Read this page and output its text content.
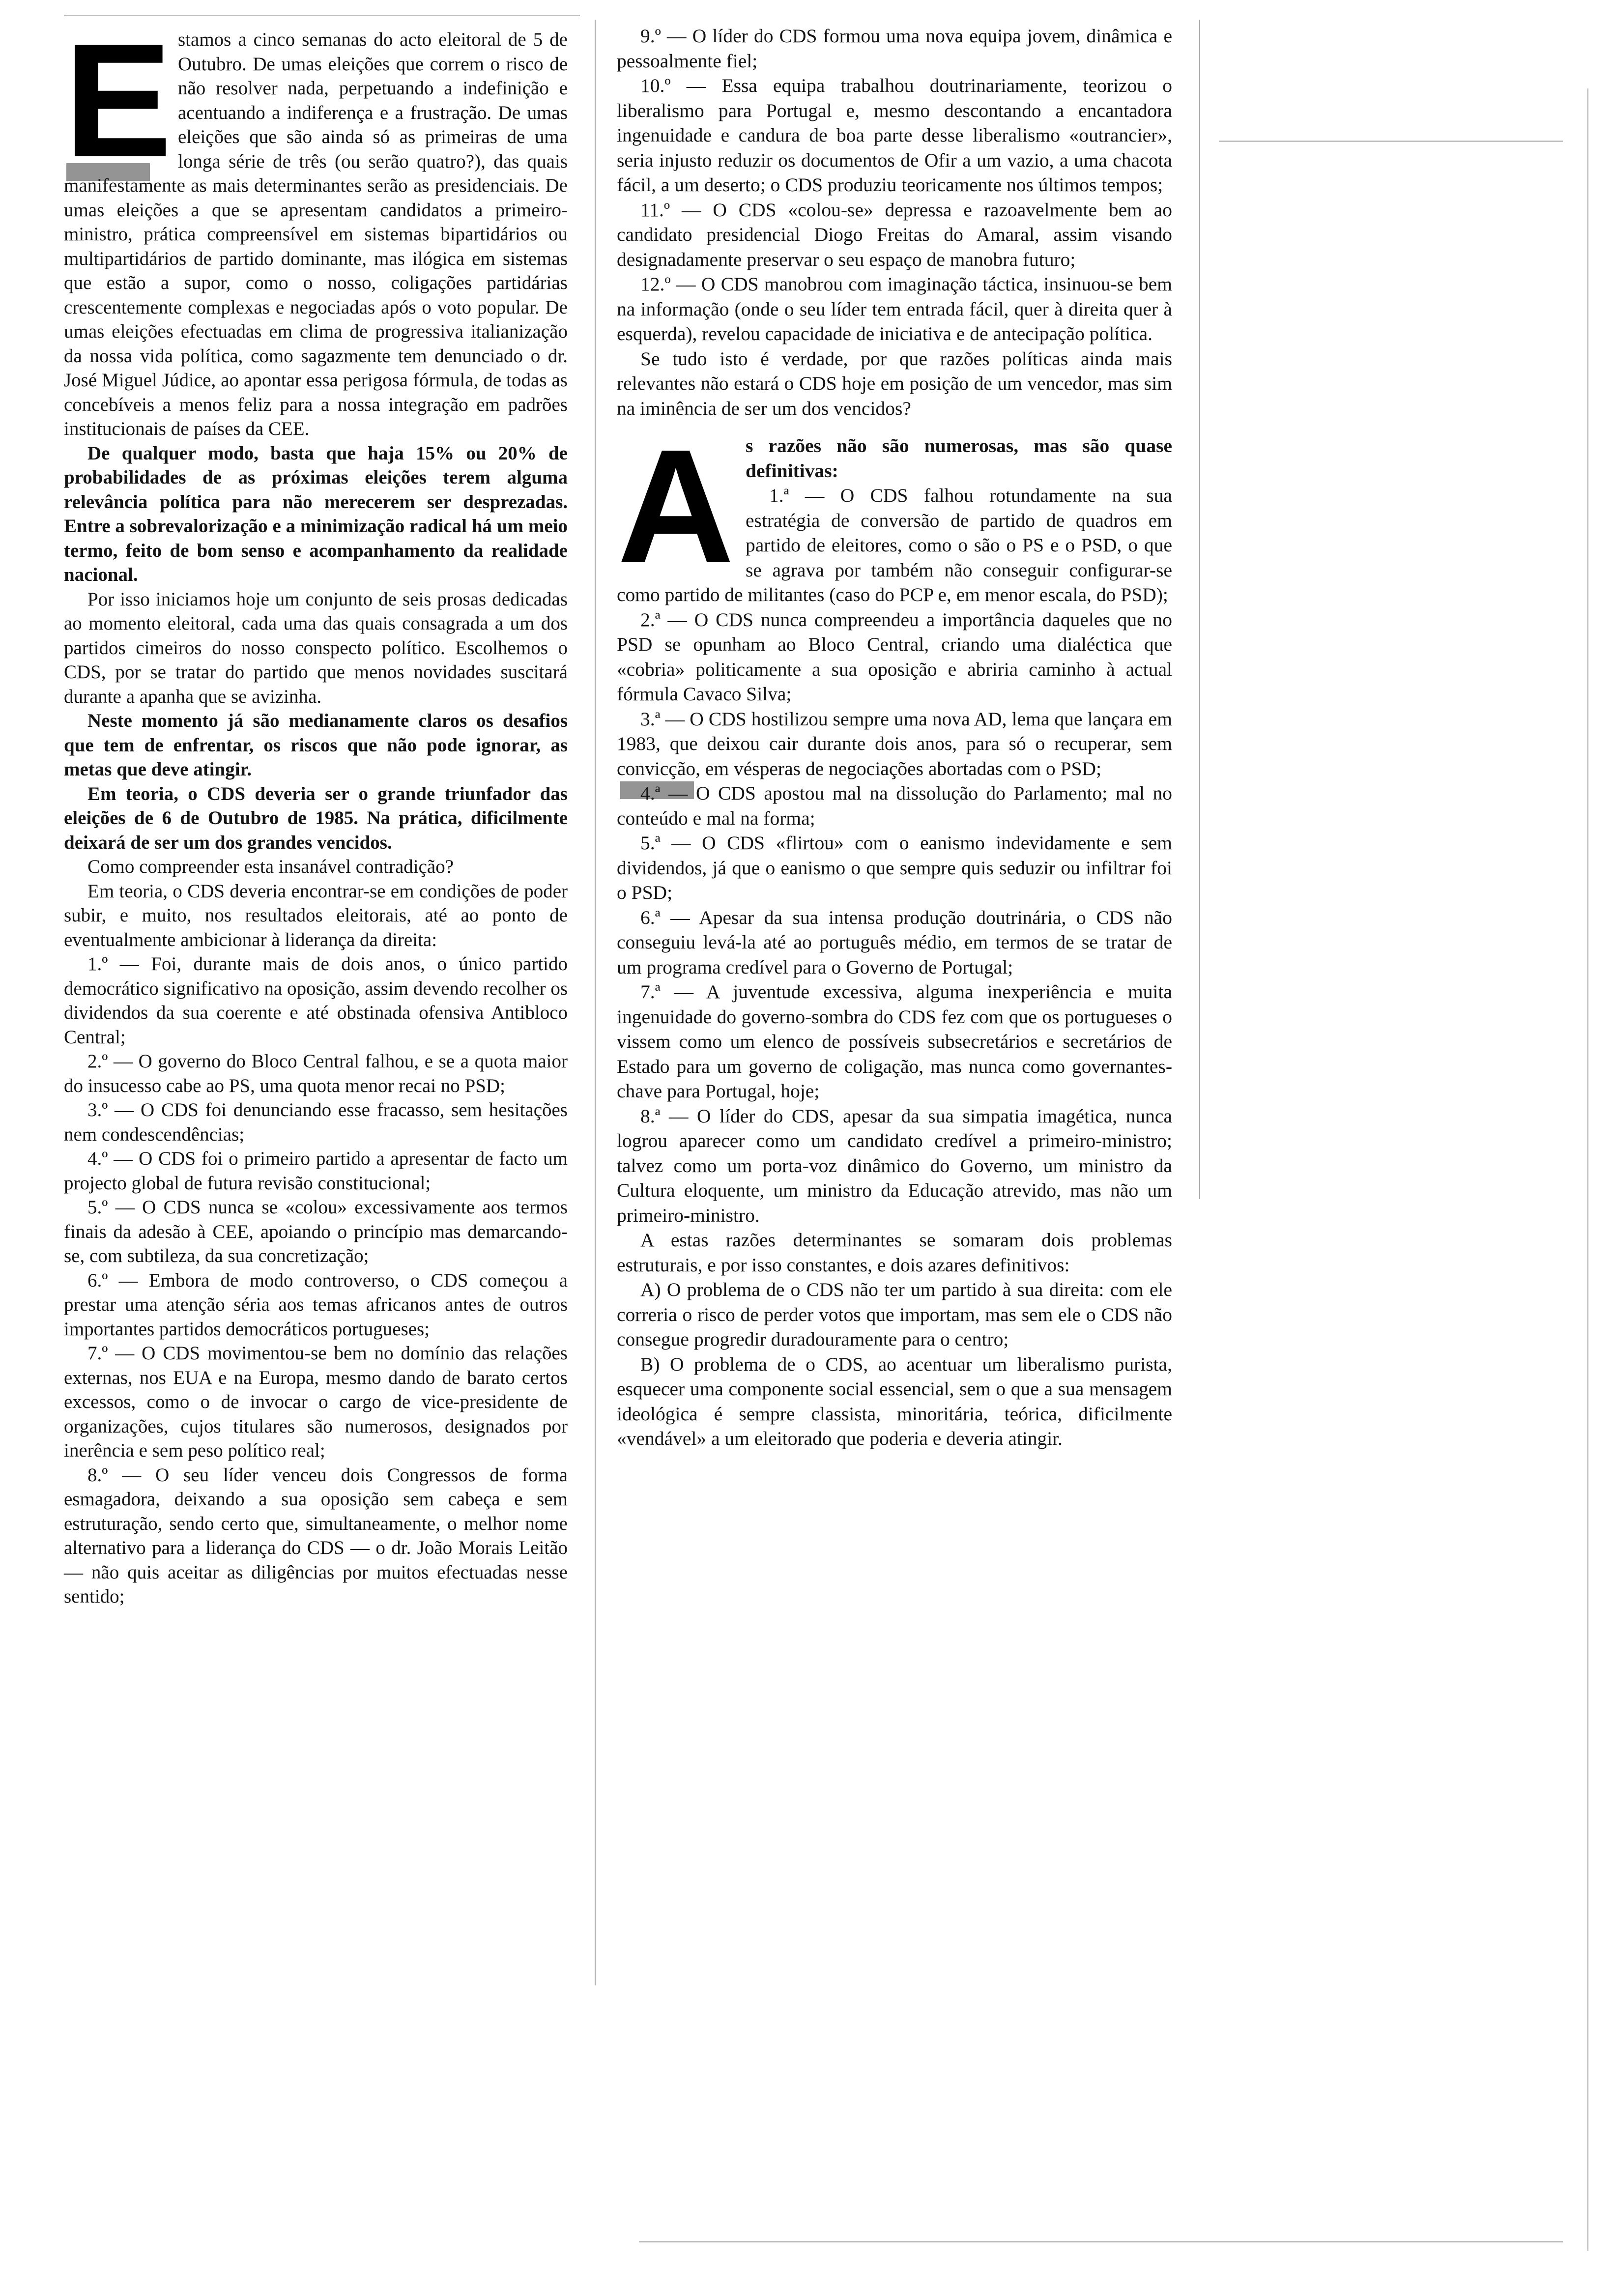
E stamos a cinco semanas do acto eleitoral de 5 de Outubro. De umas eleições que correm o risco de não resolver nada, perpetuando a indefinição e acentuando a indiferença e a frustração. De umas eleições que são ainda só as primeiras de uma longa série de três (ou serão quatro?), das quais manifestamente as mais determinantes serão as presidenciais. De umas eleições a que se apresentam candidatos a primeiro-ministro, prática compreensível em sistemas bipartidários ou multipartidários de partido dominante, mas ilógica em sistemas que estão a supor, como o nosso, coligações partidárias crescentemente complexas e negociadas após o voto popular. De umas eleições efectuadas em clima de progressiva italianização da nossa vida política, como sagazmente tem denunciado o dr. José Miguel Júdice, ao apontar essa perigosa fórmula, de todas as concebíveis a menos feliz para a nossa integração em padrões institucionais de países da CEE.

De qualquer modo, basta que haja 15% ou 20% de probabilidades de as próximas eleições terem alguma relevância política para não merecerem ser desprezadas. Entre a sobrevalorização e a minimização radical há um meio termo, feito de bom senso e acompanhamento da realidade nacional.

Por isso iniciamos hoje um conjunto de seis prosas dedicadas ao momento eleitoral, cada uma das quais consagrada a um dos partidos cimeiros do nosso conspecto político. Escolhemos o CDS, por se tratar do partido que menos novidades suscitará durante a apanha que se avizinha.

Neste momento já são medianamente claros os desafios que tem de enfrentar, os riscos que não pode ignorar, as metas que deve atingir.

Em teoria, o CDS deveria ser o grande triunfador das eleições de 6 de Outubro de 1985. Na prática, dificilmente deixará de ser um dos grandes vencidos.

Como compreender esta insanável contradição?

Em teoria, o CDS deveria encontrar-se em condições de poder subir, e muito, nos resultados eleitorais, até ao ponto de eventualmente ambicionar à liderança da direita:

1.º — Foi, durante mais de dois anos, o único partido democrático significativo na oposição, assim devendo recolher os dividendos da sua coerente e até obstinada ofensiva Antibloco Central;

2.º — O governo do Bloco Central falhou, e se a quota maior do insucesso cabe ao PS, uma quota menor recai no PSD;

3.º — O CDS foi denunciando esse fracasso, sem hesitações nem condescendências;

4.º — O CDS foi o primeiro partido a apresentar de facto um projecto global de futura revisão constitucional;

5.º — O CDS nunca se «colou» excessivamente aos termos finais da adesão à CEE, apoiando o princípio mas demarcando-se, com subtileza, da sua concretização;

6.º — Embora de modo controverso, o CDS começou a prestar uma atenção séria aos temas africanos antes de outros importantes partidos democráticos portugueses;

7.º — O CDS movimentou-se bem no domínio das relações externas, nos EUA e na Europa, mesmo dando de barato certos excessos, como o de invocar o cargo de vice-presidente de organizações, cujos titulares são numerosos, designados por inerência e sem peso político real;

8.º — O seu líder venceu dois Congressos de forma esmagadora, deixando a sua oposição sem cabeça e sem estruturação, sendo certo que, simultaneamente, o melhor nome alternativo para a liderança do CDS — o dr. João Morais Leitão — não quis aceitar as diligências por muitos efectuadas nesse sentido;

9.º — O líder do CDS formou uma nova equipa jovem, dinâmica e pessoalmente fiel;

10.º — Essa equipa trabalhou doutrinariamente, teorizou o liberalismo para Portugal e, mesmo descontando a encantadora ingenuidade e candura de boa parte desse liberalismo «outrancier», seria injusto reduzir os documentos de Ofir a um vazio, a uma chacota fácil, a um deserto; o CDS produziu teoricamente nos últimos tempos;

11.º — O CDS «colou-se» depressa e razoavelmente bem ao candidato presidencial Diogo Freitas do Amaral, assim visando designadamente preservar o seu espaço de manobra futuro;

12.º — O CDS manobrou com imaginação táctica, insinuou-se bem na informação (onde o seu líder tem entrada fácil, quer à direita quer à esquerda), revelou capacidade de iniciativa e de antecipação política.

Se tudo isto é verdade, por que razões políticas ainda mais relevantes não estará o CDS hoje em posição de um vencedor, mas sim na iminência de ser um dos vencidos?

A s razões não são numerosas, mas são quase definitivas:

1.ª — O CDS falhou rotundamente na sua estratégia de conversão de partido de quadros em partido de eleitores, como o são o PS e o PSD, o que se agrava por também não conseguir configurar-se como partido de militantes (caso do PCP e, em menor escala, do PSD);

2.ª — O CDS nunca compreendeu a importância daqueles que no PSD se opunham ao Bloco Central, criando uma dialéctica que «cobria» politicamente a sua oposição e abriria caminho à actual fórmula Cavaco Silva;

3.ª — O CDS hostilizou sempre uma nova AD, lema que lançara em 1983, que deixou cair durante dois anos, para só o recuperar, sem convicção, em vésperas de negociações abortadas com o PSD;

4.ª — O CDS apostou mal na dissolução do Parlamento; mal no conteúdo e mal na forma;

5.ª — O CDS «flirtou» com o eanismo indevidamente e sem dividendos, já que o eanismo o que sempre quis seduzir ou infiltrar foi o PSD;

6.ª — Apesar da sua intensa produção doutrinária, o CDS não conseguiu levá-la até ao português médio, em termos de se tratar de um programa credível para o Governo de Portugal;

7.ª — A juventude excessiva, alguma inexperiência e muita ingenuidade do governo-sombra do CDS fez com que os portugueses o vissem como um elenco de possíveis subsecretários e secretários de Estado para um governo de coligação, mas nunca como governantes-chave para Portugal, hoje;

8.ª — O líder do CDS, apesar da sua simpatia imagética, nunca logrou aparecer como um candidato credível a primeiro-ministro; talvez como um porta-voz dinâmico do Governo, um ministro da Cultura eloquente, um ministro da Educação atrevido, mas não um primeiro-ministro.

A estas razões determinantes se somaram dois problemas estruturais, e por isso constantes, e dois azares definitivos:

A) O problema de o CDS não ter um partido à sua direita: com ele correria o risco de perder votos que importam, mas sem ele o CDS não consegue progredir duradouramente para o centro;

B) O problema de o CDS, ao acentuar um liberalismo purista, esquecer uma componente social essencial, sem o que a sua mensagem ideológica é sempre classista, minoritária, teórica, dificilmente «vendável» a um eleitorado que poderia e deveria atingir.
